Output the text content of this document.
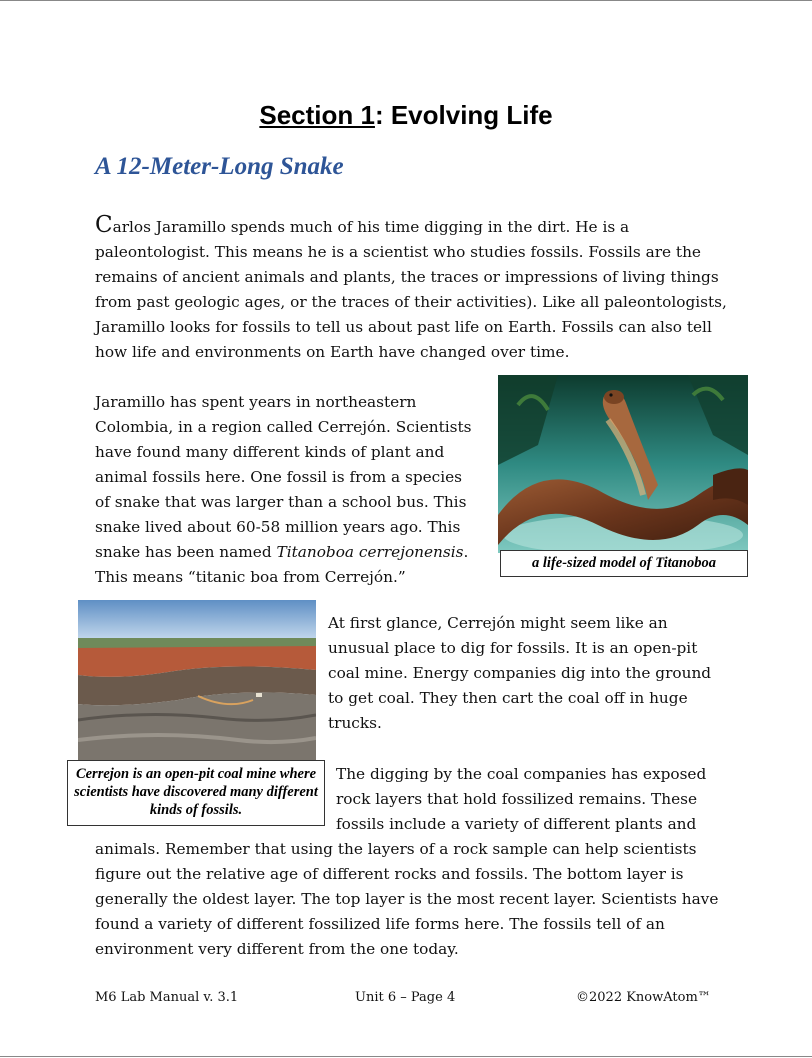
Section 1: Evolving Life
A 12-Meter-Long Snake

Carlos Jaramillo spends much of his time digging in the dirt. He is a paleontologist. This means he is a scientist who studies fossils. Fossils are the remains of ancient animals and plants, the traces or impressions of living things from past geologic ages, or the traces of their activities). Like all paleontologists, Jaramillo looks for fossils to tell us about past life on Earth. Fossils can also tell how life and environments on Earth have changed over time.

Jaramillo has spent years in northeastern Colombia, in a region called Cerrejón. Scientists have found many different kinds of plant and animal fossils here. One fossil is from a species of snake that was larger than a school bus. This snake lived about 60-58 million years ago. This snake has been named Titanoboa cerrejonensis. This means “titanic boa from Cerrejón.”

a life-sized model of Titanoboa
Cerrejon is an open-pit coal mine where scientists have discovered many different kinds of fossils.

At first glance, Cerrejón might seem like an unusual place to dig for fossils. It is an open-pit coal mine. Energy companies dig into the ground to get coal. They then cart the coal off in huge trucks.

The digging by the coal companies has exposed rock layers that hold fossilized remains. These fossils include a variety of different plants and

animals. Remember that using the layers of a rock sample can help scientists figure out the relative age of different rocks and fossils. The bottom layer is generally the oldest layer. The top layer is the most recent layer. Scientists have found a variety of different fossilized life forms here. The fossils tell of an environment very different from the one today.

M6 Lab Manual v. 3.1	Unit 6 – Page 4	©2022 KnowAtom™
